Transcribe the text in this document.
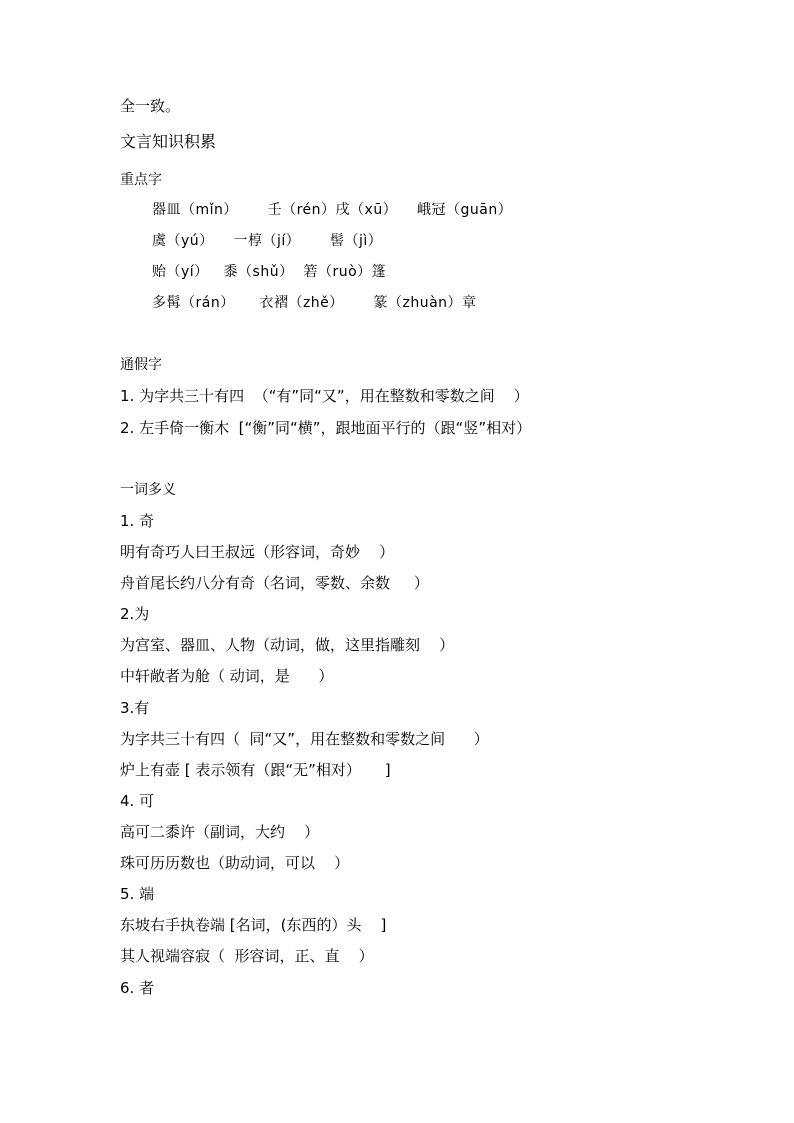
全一致。
文言知识积累
重点字
器皿（mǐn）      壬（rén）戌（xū）    峨冠（guān）
虞（yú）    一椁（jí）      髻（jì）
贻（yí）   黍（shǔ）  箬（ruò）篷
多髯（rán）     衣褶（zhě）      篆（zhuàn）章
通假字
1. 为字共三十有四  （“有”同“又”，用在整数和零数之间    ）
2. 左手倚一衡木  [“衡”同“横”，跟地面平行的（跟“竖”相对）
一词多义
1. 奇
明有奇巧人曰王叔远（形容词，奇妙    ）
舟首尾长约八分有奇（名词，零数、余数     ）
2.为
为宫室、器皿、人物（动词，做，这里指雕刻    ）
中轩敞者为舱（ 动词，是      ）
3.有
为字共三十有四（  同“又”，用在整数和零数之间      ）
炉上有壶 [ 表示领有（跟“无”相对）     ]
4. 可
高可二黍许（副词，大约    ）
珠可历历数也（助动词，可以    ）
5. 端
东坡右手执卷端 [名词，(东西的）头    ]
其人视端容寂（  形容词，正、直    ）
6. 者
